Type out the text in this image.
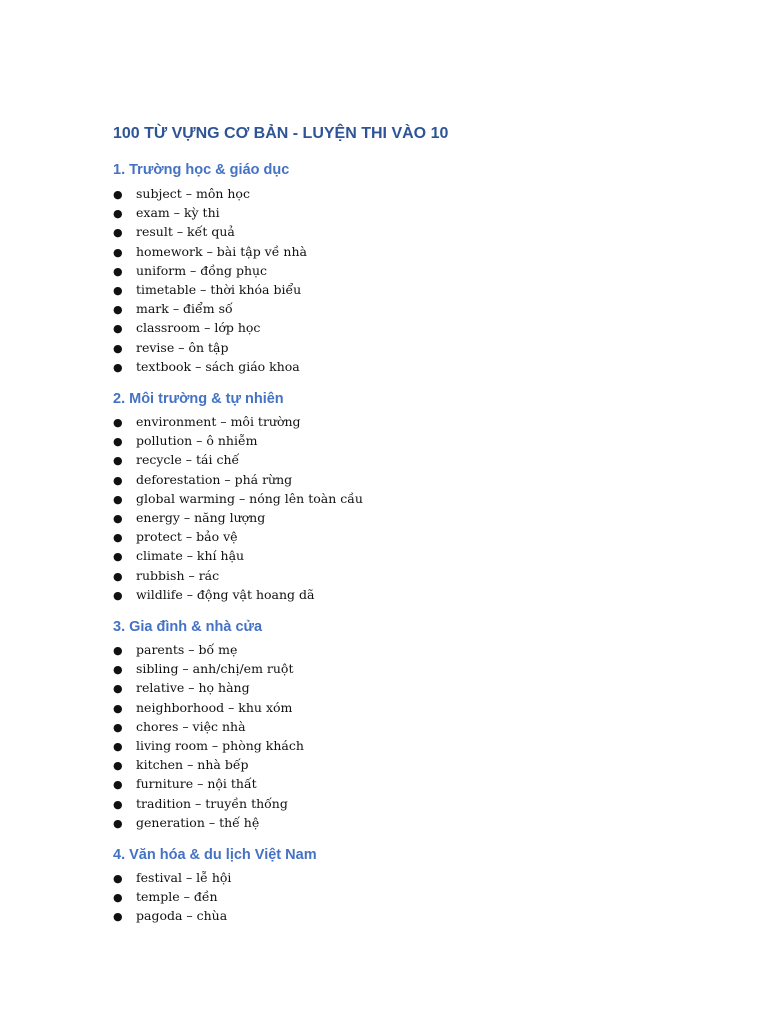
100 TỪ VỰNG CƠ BẢN - LUYỆN THI VÀO 10
1. Trường học & giáo dục
● subject – môn học
● exam – kỳ thi
● result – kết quả
● homework – bài tập về nhà
● uniform – đồng phục
● timetable – thời khóa biểu
● mark – điểm số
● classroom – lớp học
● revise – ôn tập
● textbook – sách giáo khoa
2. Môi trường & tự nhiên
● environment – môi trường
● pollution – ô nhiễm
● recycle – tái chế
● deforestation – phá rừng
● global warming – nóng lên toàn cầu
● energy – năng lượng
● protect – bảo vệ
● climate – khí hậu
● rubbish – rác
● wildlife – động vật hoang dã
3. Gia đình & nhà cửa
● parents – bố mẹ
● sibling – anh/chị/em ruột
● relative – họ hàng
● neighborhood – khu xóm
● chores – việc nhà
● living room – phòng khách
● kitchen – nhà bếp
● furniture – nội thất
● tradition – truyền thống
● generation – thế hệ
4. Văn hóa & du lịch Việt Nam
● festival – lễ hội
● temple – đền
● pagoda – chùa
